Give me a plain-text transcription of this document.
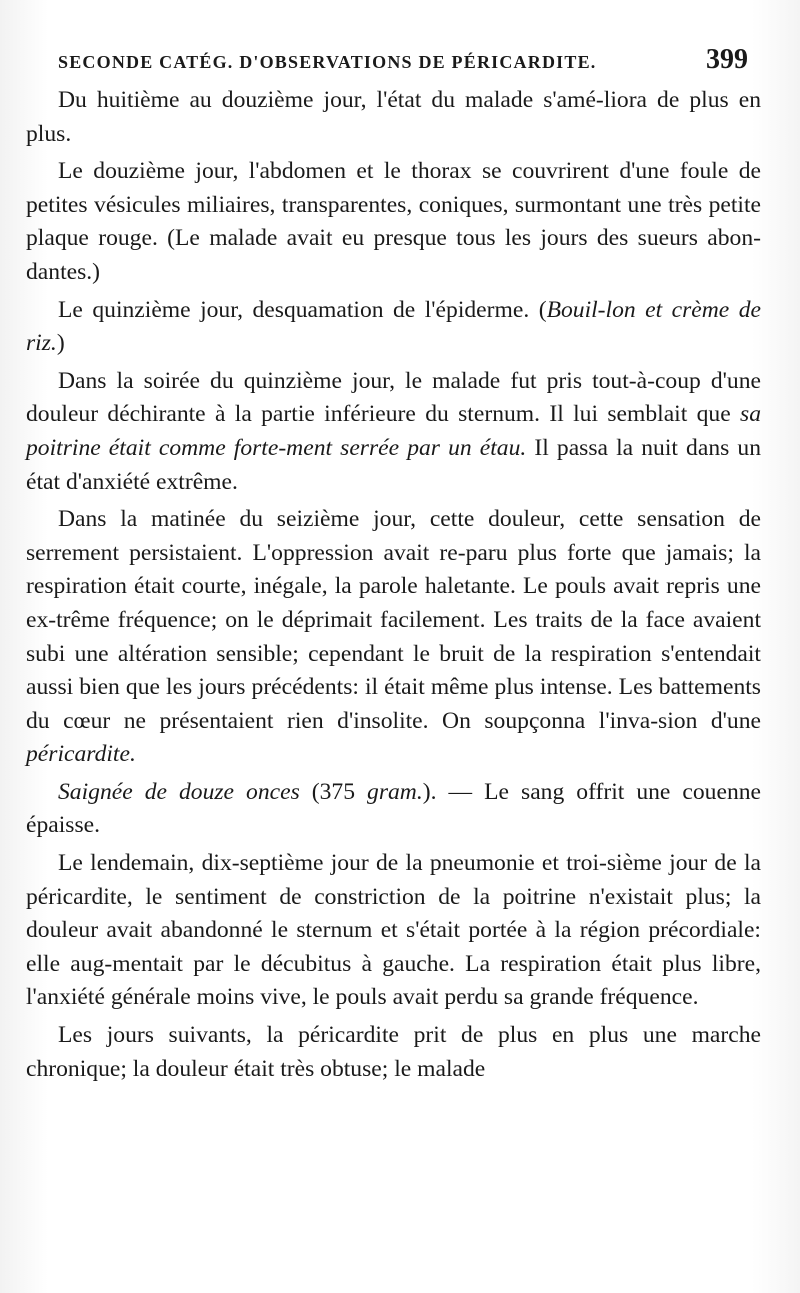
SECONDE CATÉG. D'OBSERVATIONS DE PÉRICARDITE.	399

Du huitième au douzième jour, l'état du malade s'amé-liora de plus en plus.

Le douzième jour, l'abdomen et le thorax se couvrirent d'une foule de petites vésicules miliaires, transparentes, coniques, surmontant une très petite plaque rouge. (Le malade avait eu presque tous les jours des sueurs abon-dantes.)

Le quinzième jour, desquamation de l'épiderme. (Bouil-lon et crème de riz.)

Dans la soirée du quinzième jour, le malade fut pris tout-à-coup d'une douleur déchirante à la partie inférieure du sternum. Il lui semblait que sa poitrine était comme forte-ment serrée par un étau. Il passa la nuit dans un état d'anxiété extrême.

Dans la matinée du seizième jour, cette douleur, cette sensation de serrement persistaient. L'oppression avait re-paru plus forte que jamais; la respiration était courte, inégale, la parole haletante. Le pouls avait repris une ex-trême fréquence; on le déprimait facilement. Les traits de la face avaient subi une altération sensible; cependant le bruit de la respiration s'entendait aussi bien que les jours précédents: il était même plus intense. Les battements du cœur ne présentaient rien d'insolite. On soupçonna l'inva-sion d'une péricardite.

Saignée de douze onces (375 gram.). — Le sang offrit une couenne épaisse.

Le lendemain, dix-septième jour de la pneumonie et troi-sième jour de la péricardite, le sentiment de constriction de la poitrine n'existait plus; la douleur avait abandonné le sternum et s'était portée à la région précordiale: elle aug-mentait par le décubitus à gauche. La respiration était plus libre, l'anxiété générale moins vive, le pouls avait perdu sa grande fréquence.

Les jours suivants, la péricardite prit de plus en plus une marche chronique; la douleur était très obtuse; le malade
